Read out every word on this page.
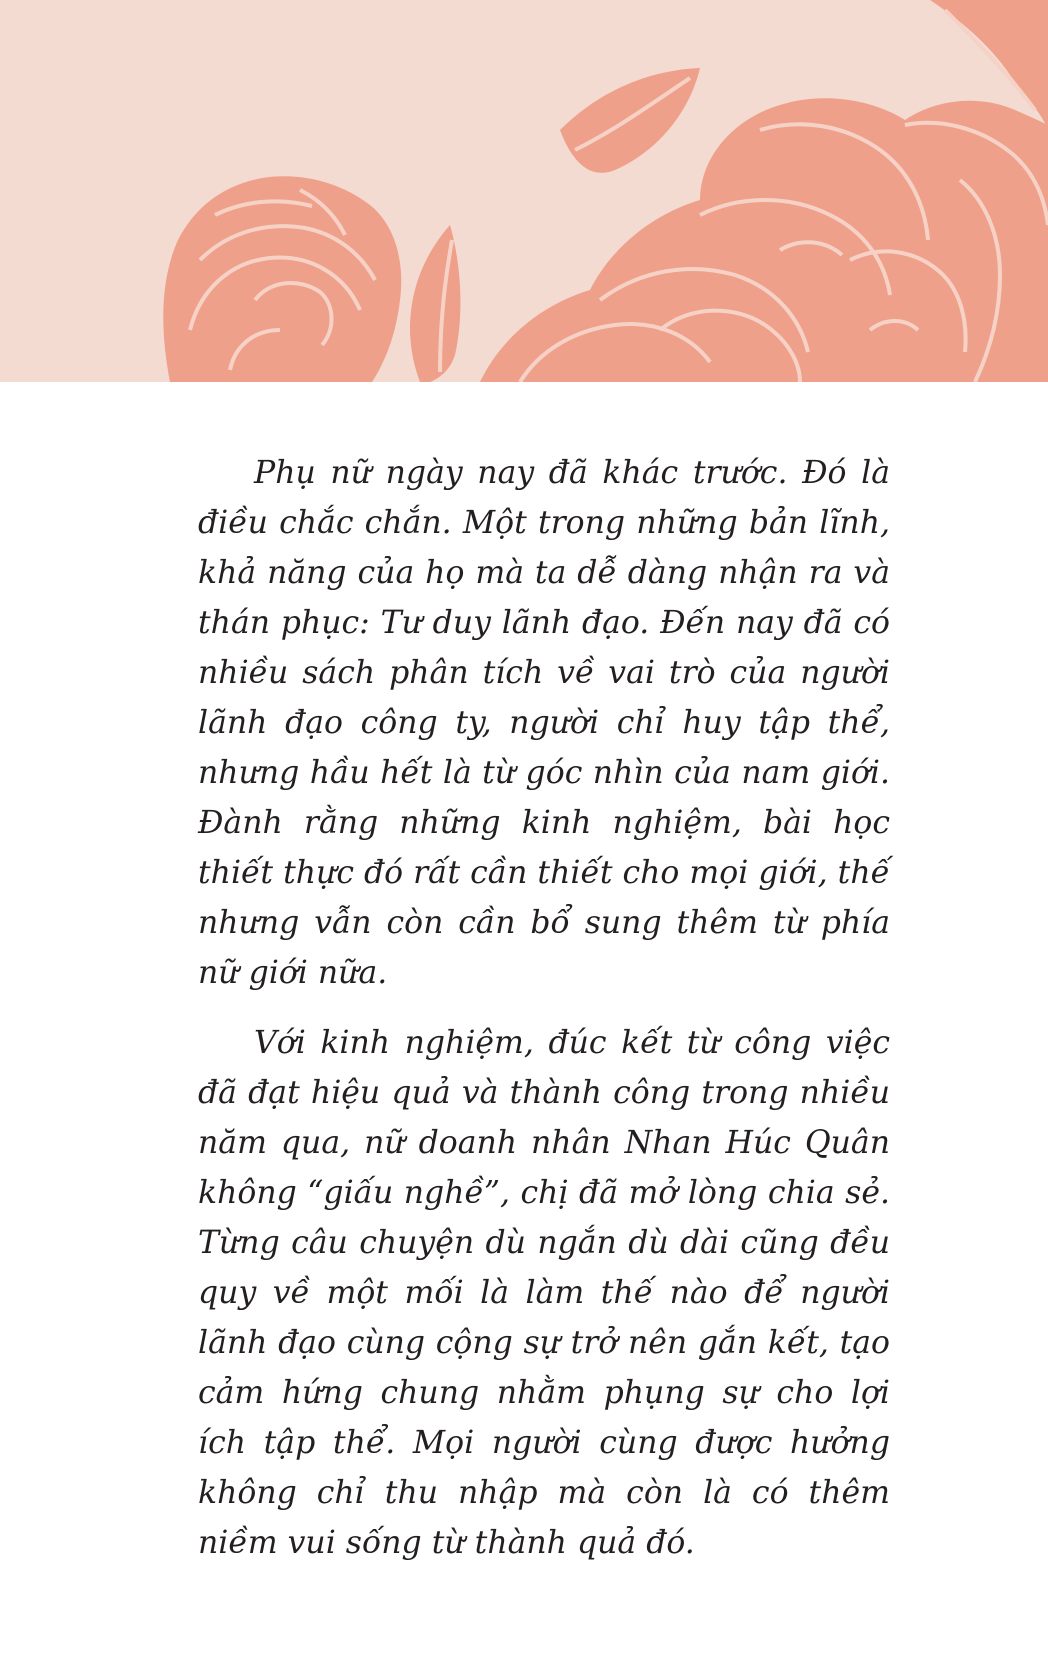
Phụ nữ ngày nay đã khác trước. Đó là điều chắc chắn. Một trong những bản lĩnh, khả năng của họ mà ta dễ dàng nhận ra và thán phục: Tư duy lãnh đạo. Đến nay đã có nhiều sách phân tích về vai trò của người lãnh đạo công ty, người chỉ huy tập thể, nhưng hầu hết là từ góc nhìn của nam giới. Đành rằng những kinh nghiệm, bài học thiết thực đó rất cần thiết cho mọi giới, thế nhưng vẫn còn cần bổ sung thêm từ phía nữ giới nữa.

Với kinh nghiệm, đúc kết từ công việc đã đạt hiệu quả và thành công trong nhiều năm qua, nữ doanh nhân Nhan Húc Quân không “giấu nghề”, chị đã mở lòng chia sẻ. Từng câu chuyện dù ngắn dù dài cũng đều quy về một mối là làm thế nào để người lãnh đạo cùng cộng sự trở nên gắn kết, tạo cảm hứng chung nhằm phụng sự cho lợi ích tập thể. Mọi người cùng được hưởng không chỉ thu nhập mà còn là có thêm niềm vui sống từ thành quả đó.
